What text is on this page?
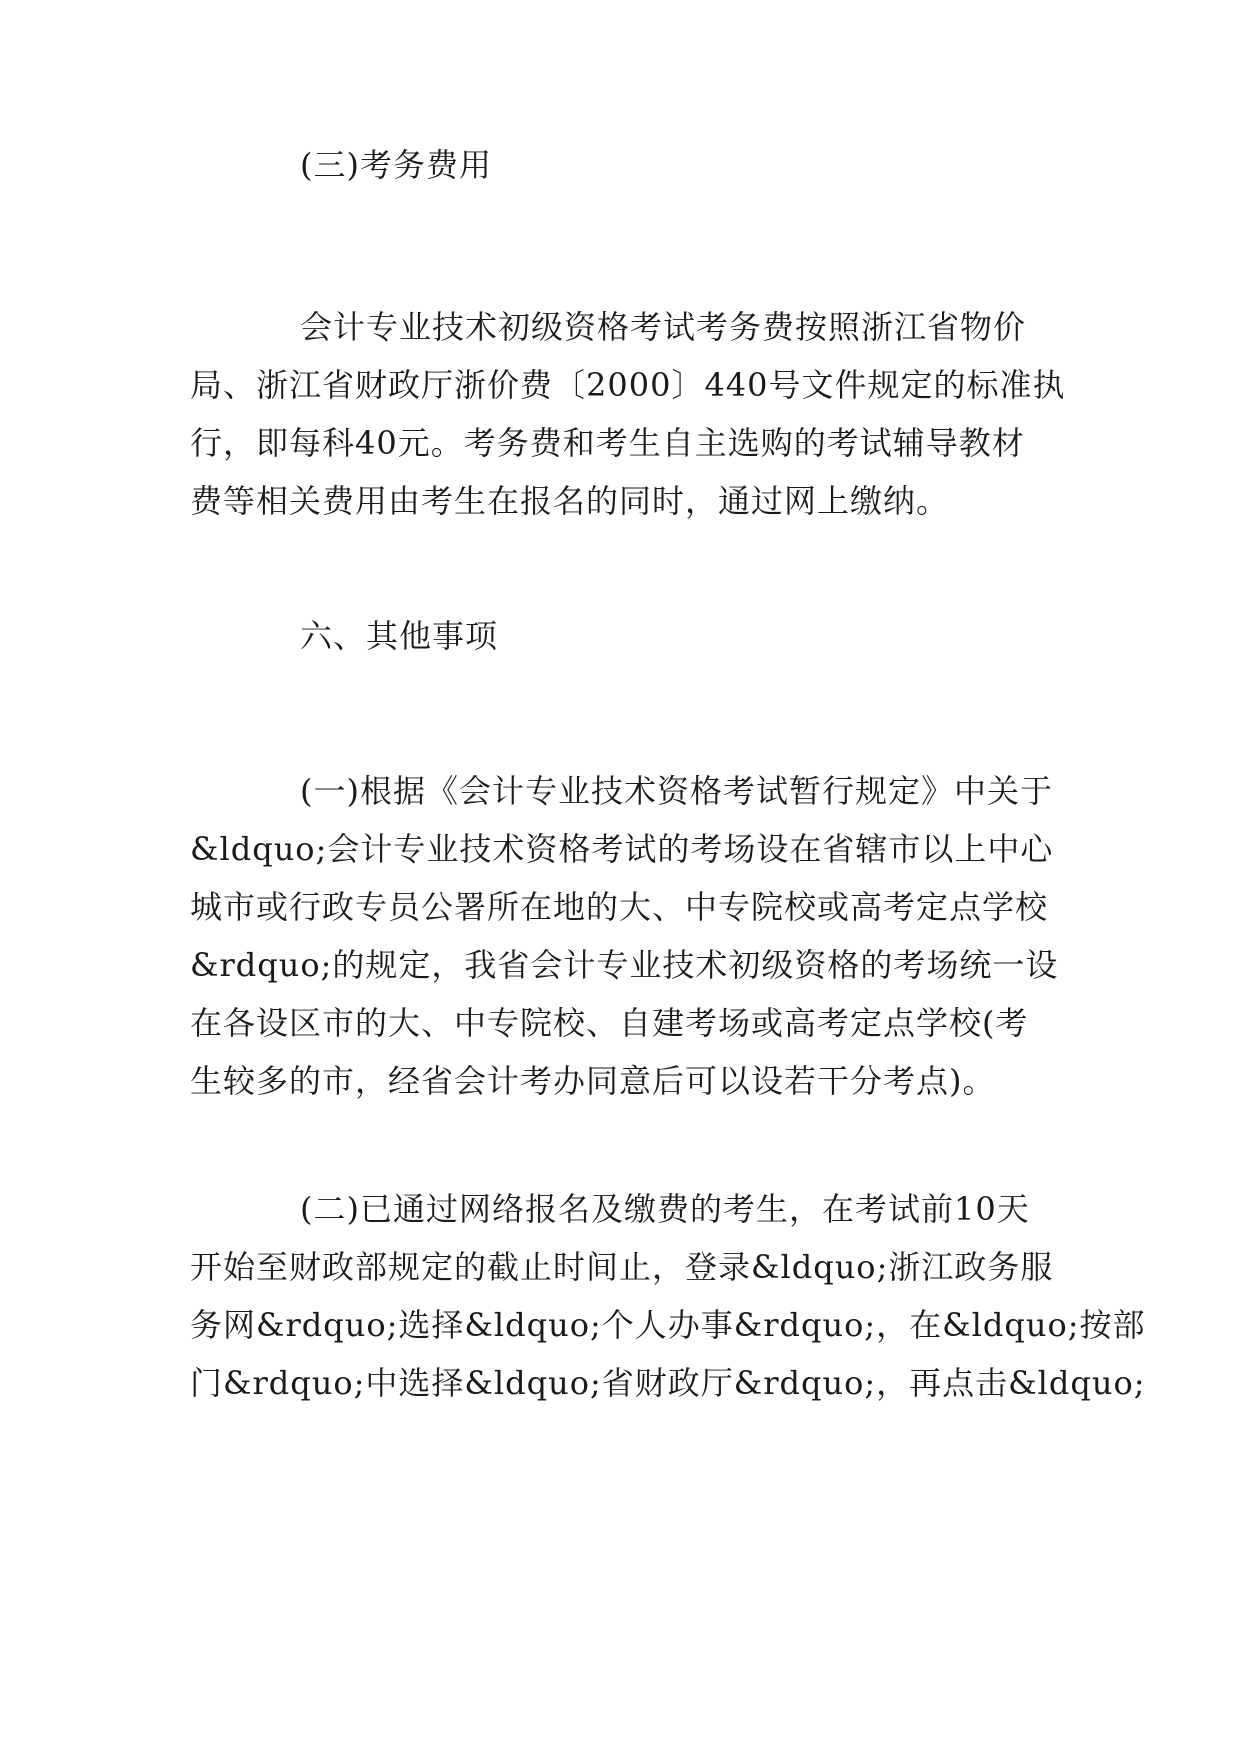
(三)考务费用
会计专业技术初级资格考试考务费按照浙江省物价
局、浙江省财政厅浙价费〔2000〕440号文件规定的标准执
行，即每科40元。考务费和考生自主选购的考试辅导教材
费等相关费用由考生在报名的同时，通过网上缴纳。
六、其他事项
(一)根据《会计专业技术资格考试暂行规定》中关于
&ldquo;会计专业技术资格考试的考场设在省辖市以上中心
城市或行政专员公署所在地的大、中专院校或高考定点学校
&rdquo;的规定，我省会计专业技术初级资格的考场统一设
在各设区市的大、中专院校、自建考场或高考定点学校(考
生较多的市，经省会计考办同意后可以设若干分考点)。
(二)已通过网络报名及缴费的考生，在考试前10天
开始至财政部规定的截止时间止，登录&ldquo;浙江政务服
务网&rdquo;选择&ldquo;个人办事&rdquo;，在&ldquo;按部
门&rdquo;中选择&ldquo;省财政厅&rdquo;，再点击&ldquo;
